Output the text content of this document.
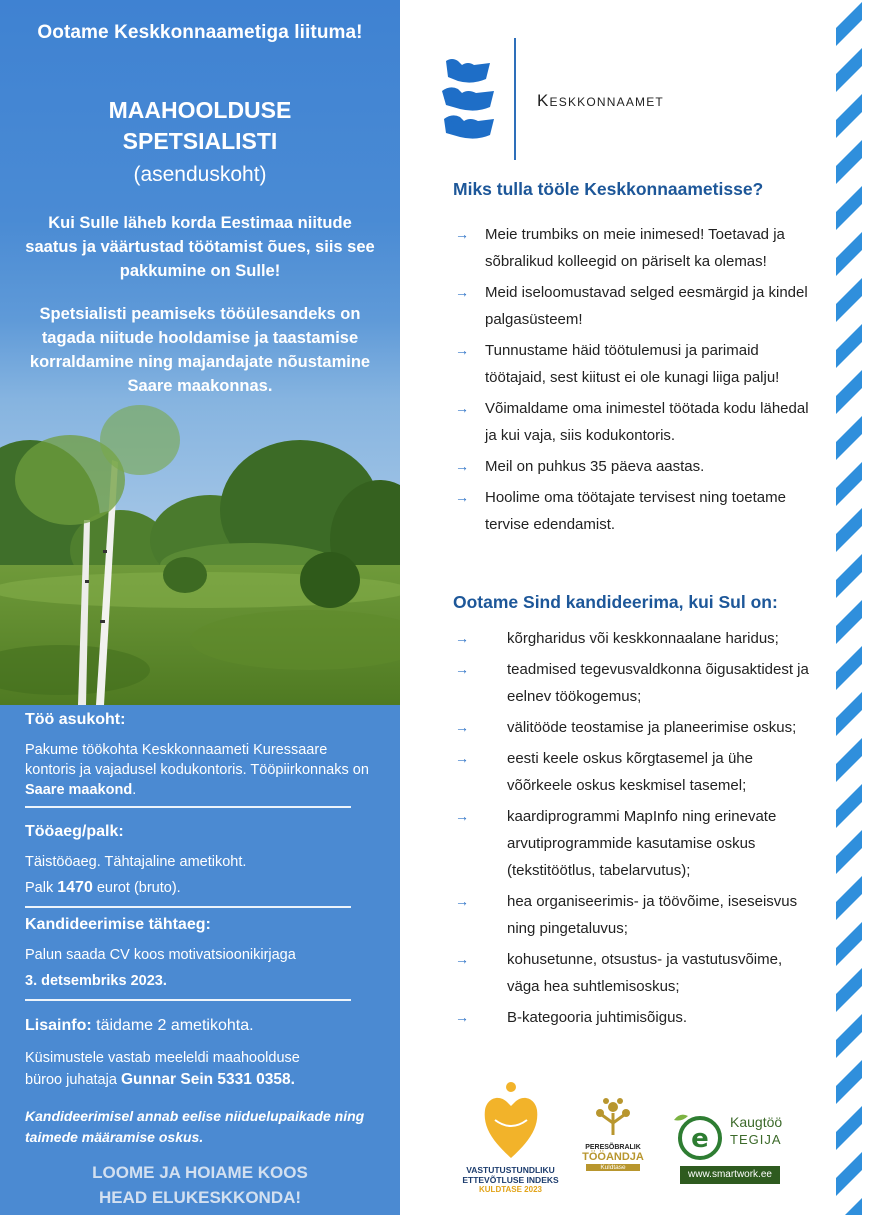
Ootame Keskkonnaametiga liituma!
MAAHOOLDUSE
SPETSIALISTI
(asenduskoht)
Kui Sulle läheb korda Eestimaa niitude saatus ja väärtustad töötamist õues, siis see pakkumine on Sulle!
Spetsialisti peamiseks tööülesandeks on tagada niitude hooldamise ja taastamise korraldamine ning majandajate nõustamine Saare maakonnas.
Töö asukoht:
Pakume töökohta Keskkonnaameti Kuressaare kontoris ja vajadusel kodukontoris. Tööpiirkonnaks on Saare maakond.
Tööaeg/palk:
Täistööaeg. Tähtajaline ametikoht.
Palk 1470 eurot (bruto).
Kandideerimise tähtaeg:
Palun saada CV koos motivatsioonikirjaga
3. detsembriks 2023.
Lisainfo: täidame 2 ametikohta.
Küsimustele vastab meeleldi maahoolduse
büroo juhataja Gunnar Sein 5331 0358.
Kandideerimisel annab eelise niiduelupaikade ning taimede määramise oskus.
LOOME JA HOIAME KOOS
HEAD ELUKESKKONDA!
Keskkonnaamet
Miks tulla tööle Keskkonnaametisse?
→ Meie trumbiks on meie inimesed! Toetavad ja sõbralikud kolleegid on päriselt ka olemas!
→ Meid iseloomustavad selged eesmärgid ja kindel palgasüsteem!
→ Tunnustame häid töötulemusi ja parimaid töötajaid, sest kiitust ei ole kunagi liiga palju!
→ Võimaldame oma inimestel töötada kodu lähedal ja kui vaja, siis kodukontoris.
→ Meil on puhkus 35 päeva aastas.
→ Hoolime oma töötajate tervisest ning toetame tervise edendamist.
Ootame Sind kandideerima, kui Sul on:
→	kõrgharidus või keskkonnaalane haridus;
→	teadmised tegevusvaldkonna õigusaktidest ja eelnev töökogemus;
→	välitööde teostamise ja planeerimise oskus;
→	eesti keele oskus kõrgtasemel ja ühe võõrkeele oskus keskmisel tasemel;
→	kaardiprogrammi MapInfo ning erinevate arvutiprogrammide kasutamise oskus (tekstitöötlus, tabelarvutus);
→	hea organiseerimis- ja töövõime, iseseisvus ning pingetaluvus;
→	kohusetunne, otsustus- ja vastutusvõime, väga hea suhtlemisoskus;
→	B-kategooria juhtimisõigus.
VASTUTUSTUNDLIKU
ETTEVÕTLUSE INDEKS
KULDTASE 2023
PERESÕBRALIK
TÖÖANDJA
Kuldtase
e
Kaugtöö
TEGIJA
www.smartwork.ee
